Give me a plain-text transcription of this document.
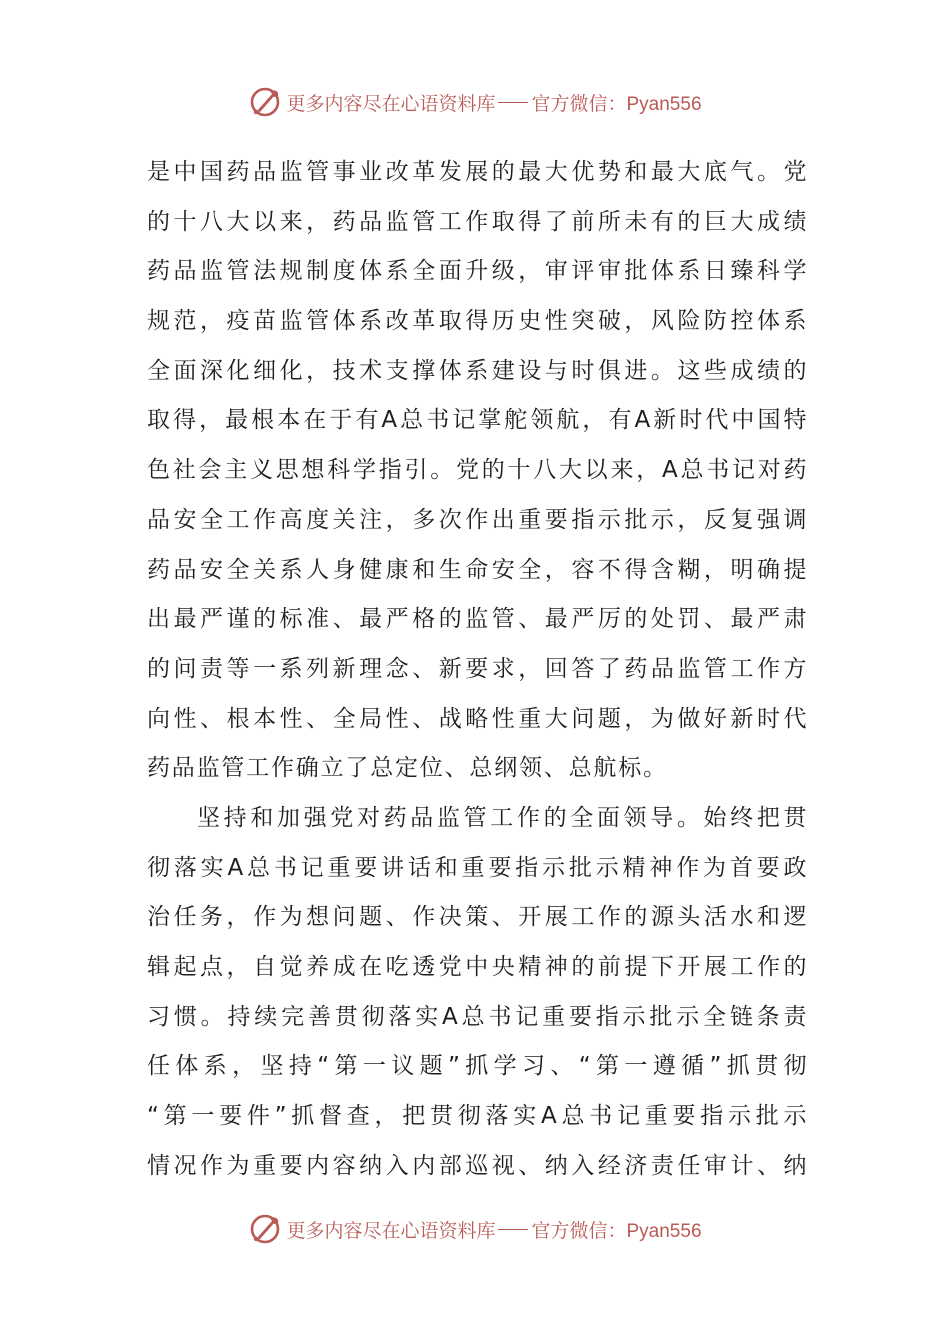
更多内容尽在心语资料库 官方微信：Pyan556
是中国药品监管事业改革发展的最大优势和最大底气。党
的十八大以来，药品监管工作取得了前所未有的巨大成绩
药品监管法规制度体系全面升级，审评审批体系日臻科学
规范，疫苗监管体系改革取得历史性突破，风险防控体系
全面深化细化，技术支撑体系建设与时俱进。这些成绩的
取得，最根本在于有A总书记掌舵领航，有A新时代中国特
色社会主义思想科学指引。党的十八大以来，A总书记对药
品安全工作高度关注，多次作出重要指示批示，反复强调
药品安全关系人身健康和生命安全，容不得含糊，明确提
出最严谨的标准、最严格的监管、最严厉的处罚、最严肃
的问责等一系列新理念、新要求，回答了药品监管工作方
向性、根本性、全局性、战略性重大问题，为做好新时代
药品监管工作确立了总定位、总纲领、总航标。
坚持和加强党对药品监管工作的全面领导。始终把贯
彻落实A总书记重要讲话和重要指示批示精神作为首要政
治任务，作为想问题、作决策、开展工作的源头活水和逻
辑起点，自觉养成在吃透党中央精神的前提下开展工作的
习惯。持续完善贯彻落实A总书记重要指示批示全链条责
任体系，坚持“第一议题”抓学习、“第一遵循”抓贯彻
“第一要件”抓督查，把贯彻落实A总书记重要指示批示
情况作为重要内容纳入内部巡视、纳入经济责任审计、纳
更多内容尽在心语资料库 官方微信：Pyan556
